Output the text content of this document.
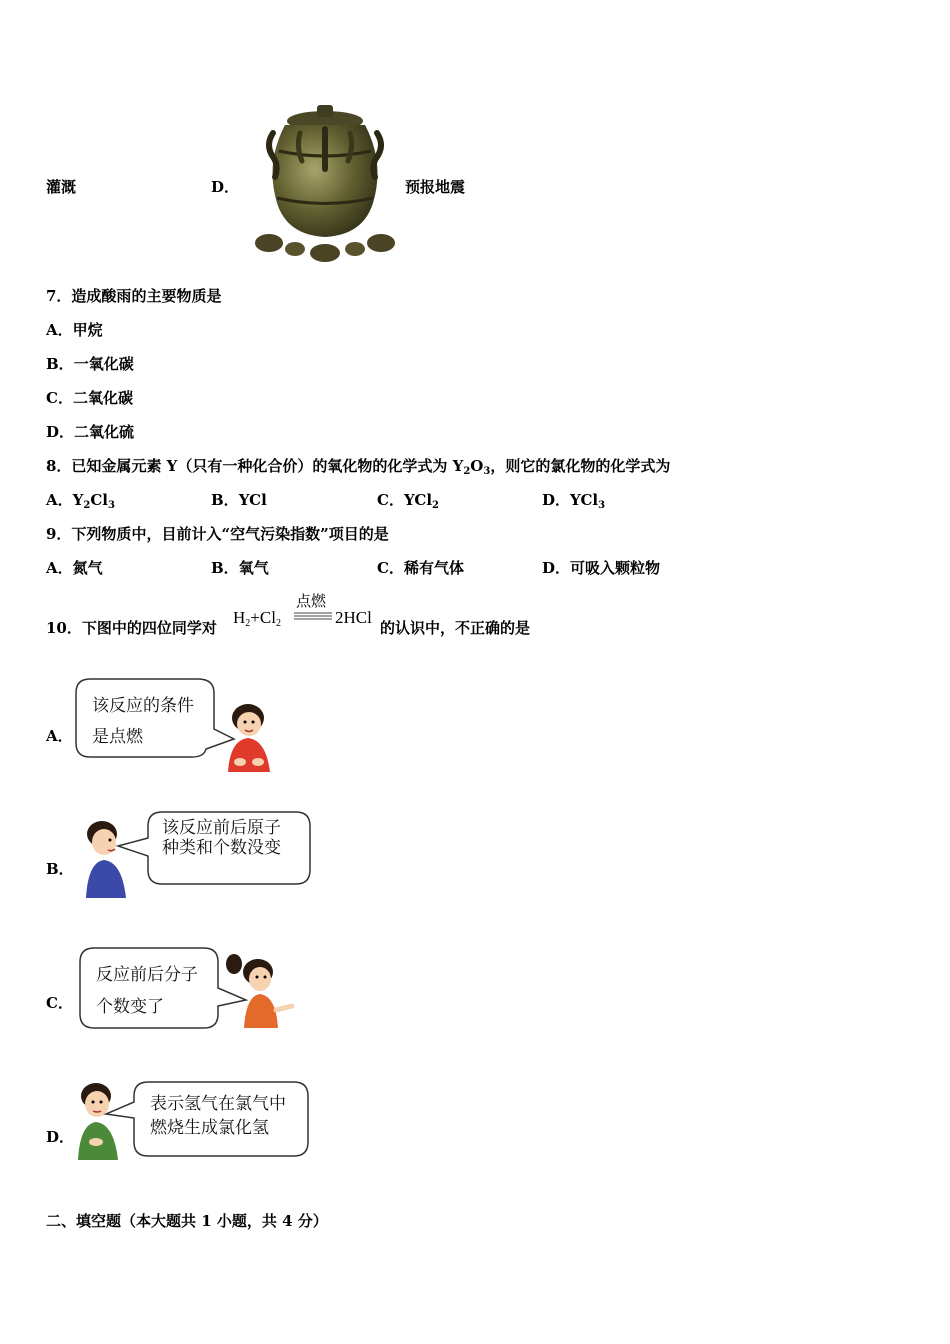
灌溉	D．	预报地震
7．造成酸雨的主要物质是
A．甲烷
B．一氧化碳
C．二氧化碳
D．二氧化硫
8．已知金属元素 Y（只有一种化合价）的氧化物的化学式为 $Y_2O_3$，则它的氯化物的化学式为
A．$Y_2Cl_3$	B．YCl	C．YCl$_2$	D．YCl$_3$
9．下列物质中，目前计入“空气污染指数”项目的是
A．氮气	B．氧气	C．稀有气体	D．可吸入颗粒物
10．下图中的四位同学对
$H_2+Cl_2$
点燃
2HCl
的认识中，不正确的是
A．
该反应的条件
是点燃
B．
该反应前后原子
种类和个数没变
C．
反应前后分子
个数变了
D．
表示氢气在氯气中
燃烧生成氯化氢
二、填空题（本大题共 1 小题，共 4 分）
